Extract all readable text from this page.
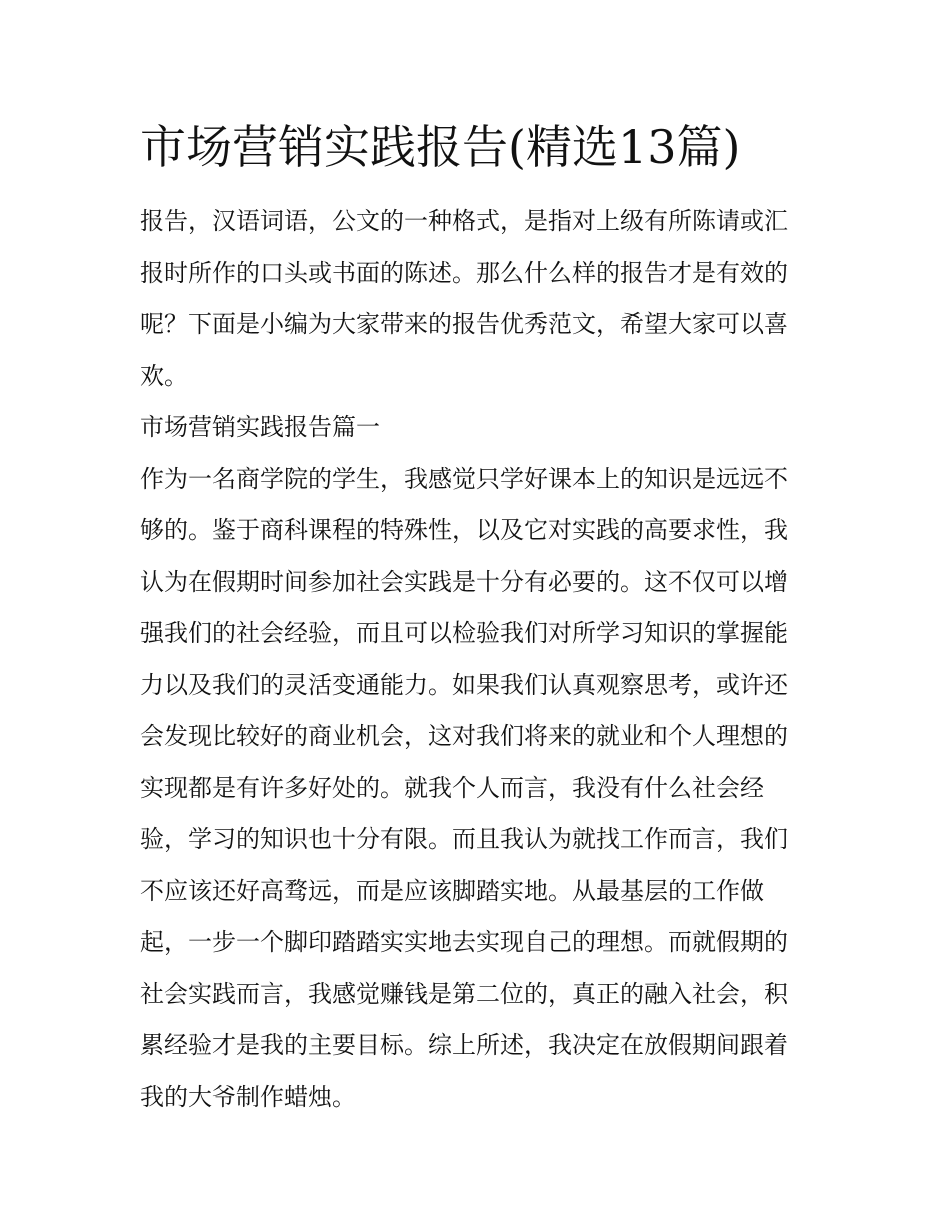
市场营销实践报告(精选13篇)
报告，汉语词语，公文的一种格式，是指对上级有所陈请或汇
报时所作的口头或书面的陈述。那么什么样的报告才是有效的
呢？下面是小编为大家带来的报告优秀范文，希望大家可以喜
欢。
市场营销实践报告篇一
作为一名商学院的学生，我感觉只学好课本上的知识是远远不
够的。鉴于商科课程的特殊性，以及它对实践的高要求性，我
认为在假期时间参加社会实践是十分有必要的。这不仅可以增
强我们的社会经验，而且可以检验我们对所学习知识的掌握能
力以及我们的灵活变通能力。如果我们认真观察思考，或许还
会发现比较好的商业机会，这对我们将来的就业和个人理想的
实现都是有许多好处的。就我个人而言，我没有什么社会经
验，学习的知识也十分有限。而且我认为就找工作而言，我们
不应该还好高骛远，而是应该脚踏实地。从最基层的工作做
起，一步一个脚印踏踏实实地去实现自己的理想。而就假期的
社会实践而言，我感觉赚钱是第二位的，真正的融入社会，积
累经验才是我的主要目标。综上所述，我决定在放假期间跟着
我的大爷制作蜡烛。
